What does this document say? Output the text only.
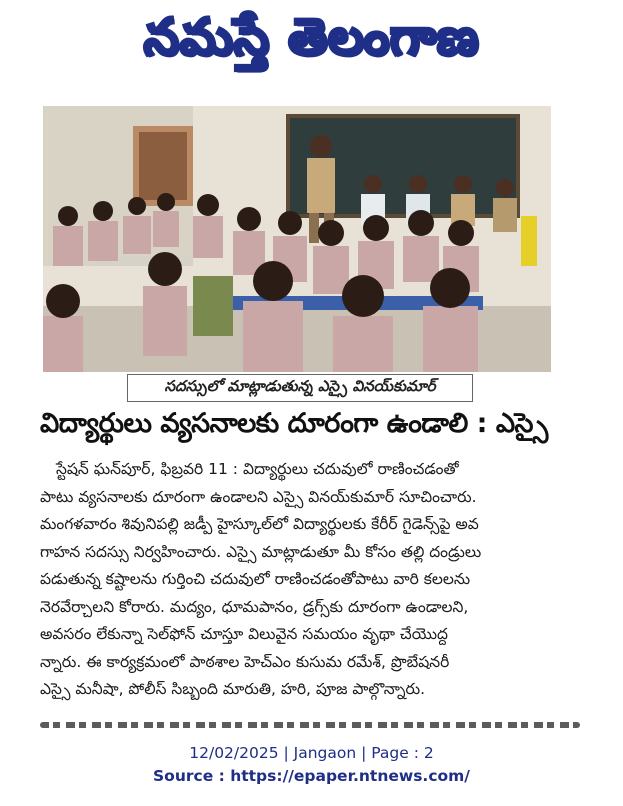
నమస్తే తెలంగాణ
సదస్సులో మాట్లాడుతున్న ఎస్సై వినయ్‌కుమార్
విద్యార్థులు వ్యసనాలకు దూరంగా ఉండాలి : ఎస్సై
స్టేషన్ ఘన్‌పూర్, ఫిబ్రవరి 11 : విద్యార్థులు చదువులో రాణించడంతో
పాటు వ్యసనాలకు దూరంగా ఉండాలని ఎస్సై వినయ్‌కుమార్ సూచించారు.
మంగళవారం శివునిపల్లి జడ్పీ హైస్కూల్‌లో విద్యార్థులకు కేరీర్ గైడెన్స్‌పై అవ
గాహన సదస్సు నిర్వహించారు. ఎస్సై మాట్లాడుతూ మీ కోసం తల్లి దండ్రులు
పడుతున్న కష్టాలను గుర్తించి చదువులో రాణించడంతోపాటు వారి కలలను
నెరవేర్చాలని కోరారు. మద్యం, ధూమపానం, డ్రగ్స్‌కు దూరంగా ఉండాలని,
అవసరం లేకున్నా సెల్‌ఫోన్ చూస్తూ విలువైన సమయం వృథా చేయొద్ద
న్నారు. ఈ కార్యక్రమంలో పాఠశాల హెచ్‌ఎం కుసుమ రమేశ్, ప్రొబేషనరీ
ఎస్సై మనీషా, పోలీస్ సిబ్బంది మారుతి, హరి, పూజ పాల్గొన్నారు.
12/02/2025 | Jangaon | Page : 2
Source : https://epaper.ntnews.com/
